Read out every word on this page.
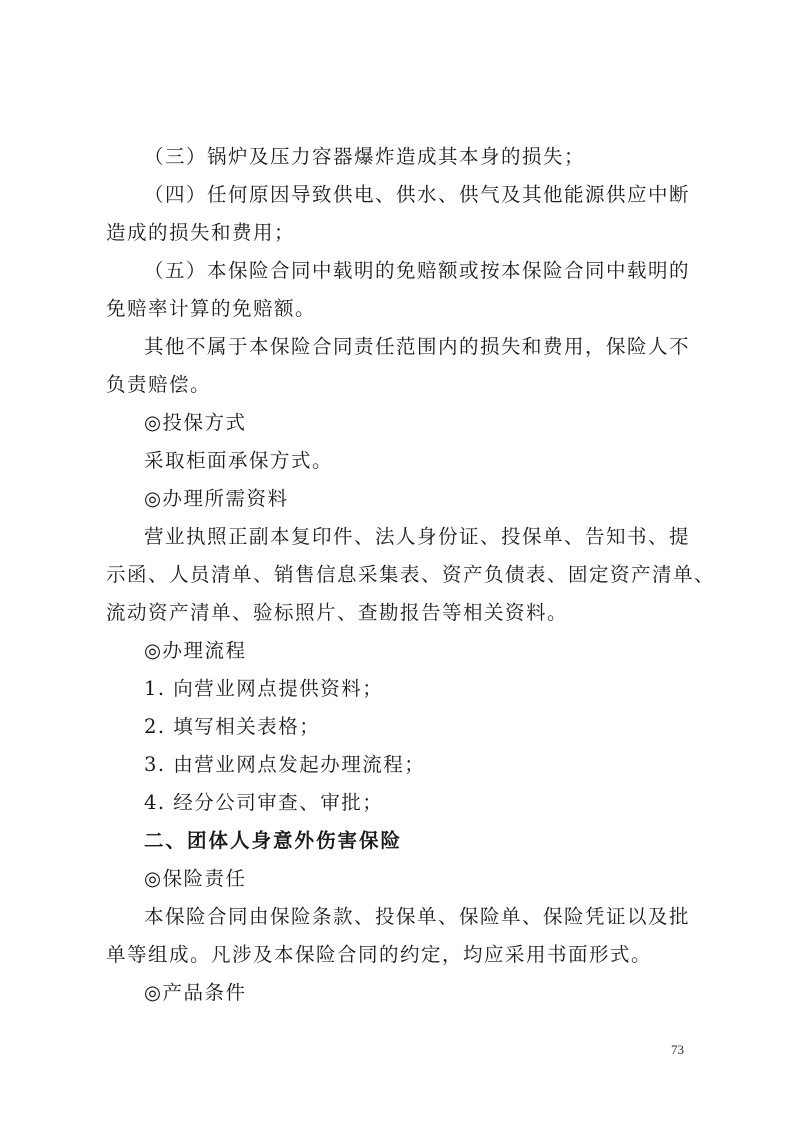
（三）锅炉及压力容器爆炸造成其本身的损失；
（四）任何原因导致供电、供水、供气及其他能源供应中断
造成的损失和费用；
（五）本保险合同中载明的免赔额或按本保险合同中载明的
免赔率计算的免赔额。
其他不属于本保险合同责任范围内的损失和费用，保险人不
负责赔偿。
◎投保方式
采取柜面承保方式。
◎办理所需资料
营业执照正副本复印件、法人身份证、投保单、告知书、提
示函、人员清单、销售信息采集表、资产负债表、固定资产清单、
流动资产清单、验标照片、查勘报告等相关资料。
◎办理流程
1. 向营业网点提供资料；
2. 填写相关表格；
3. 由营业网点发起办理流程；
4. 经分公司审查、审批；
二、团体人身意外伤害保险
◎保险责任
本保险合同由保险条款、投保单、保险单、保险凭证以及批
单等组成。凡涉及本保险合同的约定，均应采用书面形式。
◎产品条件
73
